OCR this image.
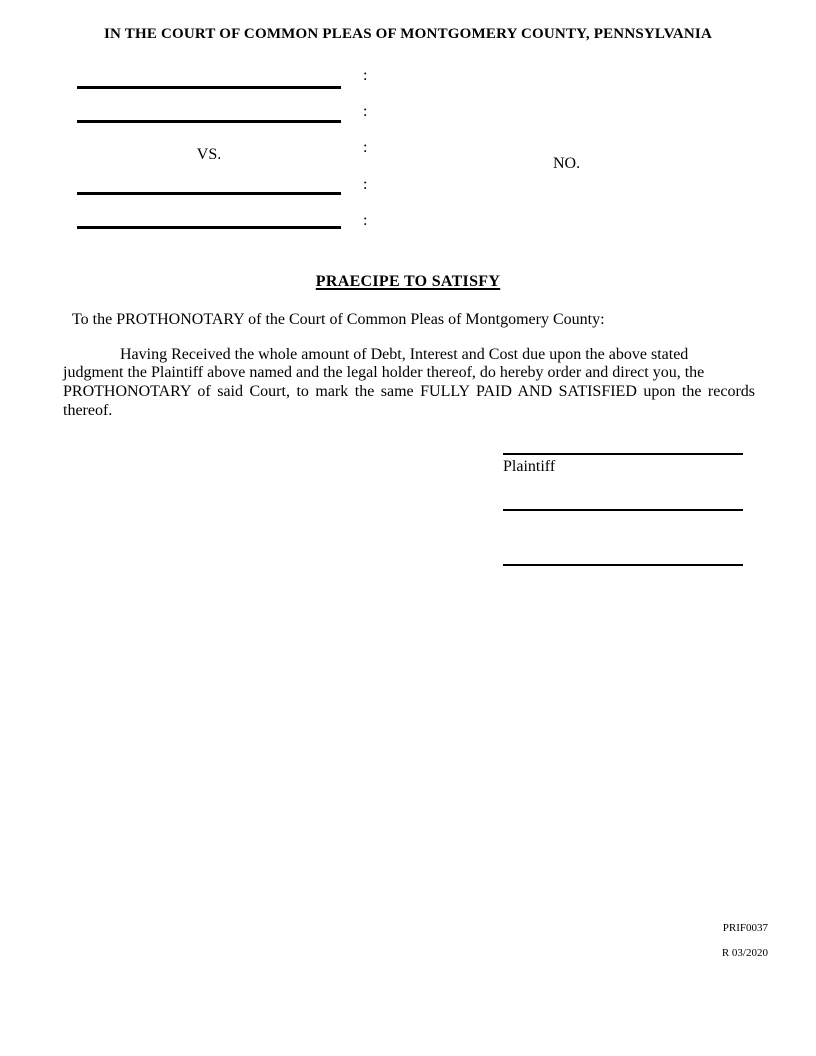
IN THE COURT OF COMMON PLEAS OF MONTGOMERY COUNTY, PENNSYLVANIA
VS.
:
:
:
:
:
NO.
PRAECIPE TO SATISFY
To the PROTHONOTARY of the Court of Common Pleas of Montgomery County:
Having Received the whole amount of Debt, Interest and Cost due upon the above stated
judgment the Plaintiff above named and the legal holder thereof, do hereby order and direct you, the
PROTHONOTARY of said Court, to mark the same FULLY PAID AND SATISFIED upon the records
thereof.
Plaintiff
PRIF0037
R 03/2020
